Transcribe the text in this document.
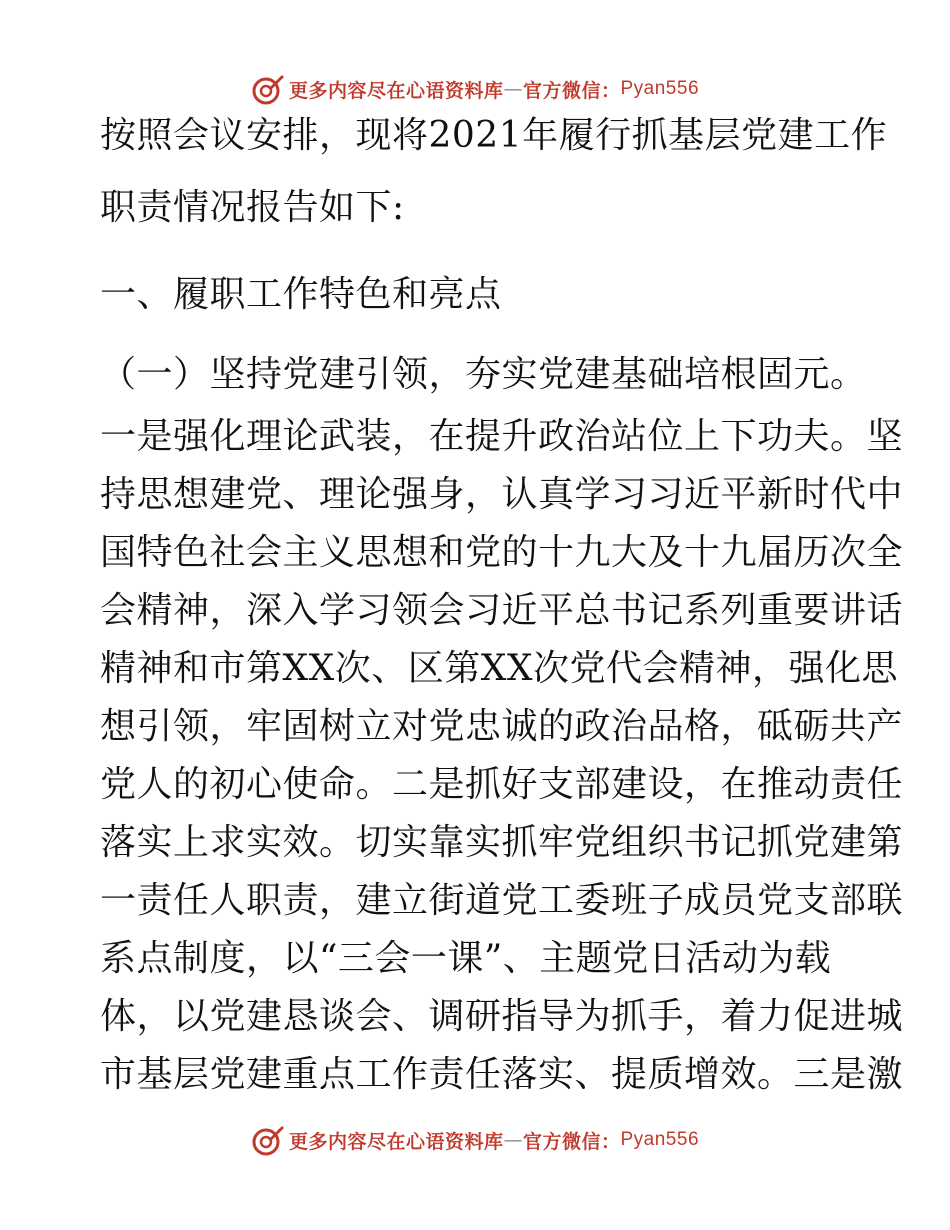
更多内容尽在心语资料库 — 官方微信： Pyan556
按照会议安排，现将2021年履行抓基层党建工作
职责情况报告如下:
一、履职工作特色和亮点
（一）坚持党建引领，夯实党建基础培根固元。
一是强化理论武装，在提升政治站位上下功夫。坚
持思想建党、理论强身，认真学习习近平新时代中
国特色社会主义思想和党的十九大及十九届历次全
会精神，深入学习领会习近平总书记系列重要讲话
精神和市第XX次、区第XX次党代会精神，强化思
想引领，牢固树立对党忠诚的政治品格，砥砺共产
党人的初心使命。二是抓好支部建设，在推动责任
落实上求实效。切实靠实抓牢党组织书记抓党建第
一责任人职责，建立街道党工委班子成员党支部联
系点制度，以“三会一课”、主题党日活动为载
体，以党建恳谈会、调研指导为抓手，着力促进城
市基层党建重点工作责任落实、提质增效。三是激
更多内容尽在心语资料库 — 官方微信： Pyan556
